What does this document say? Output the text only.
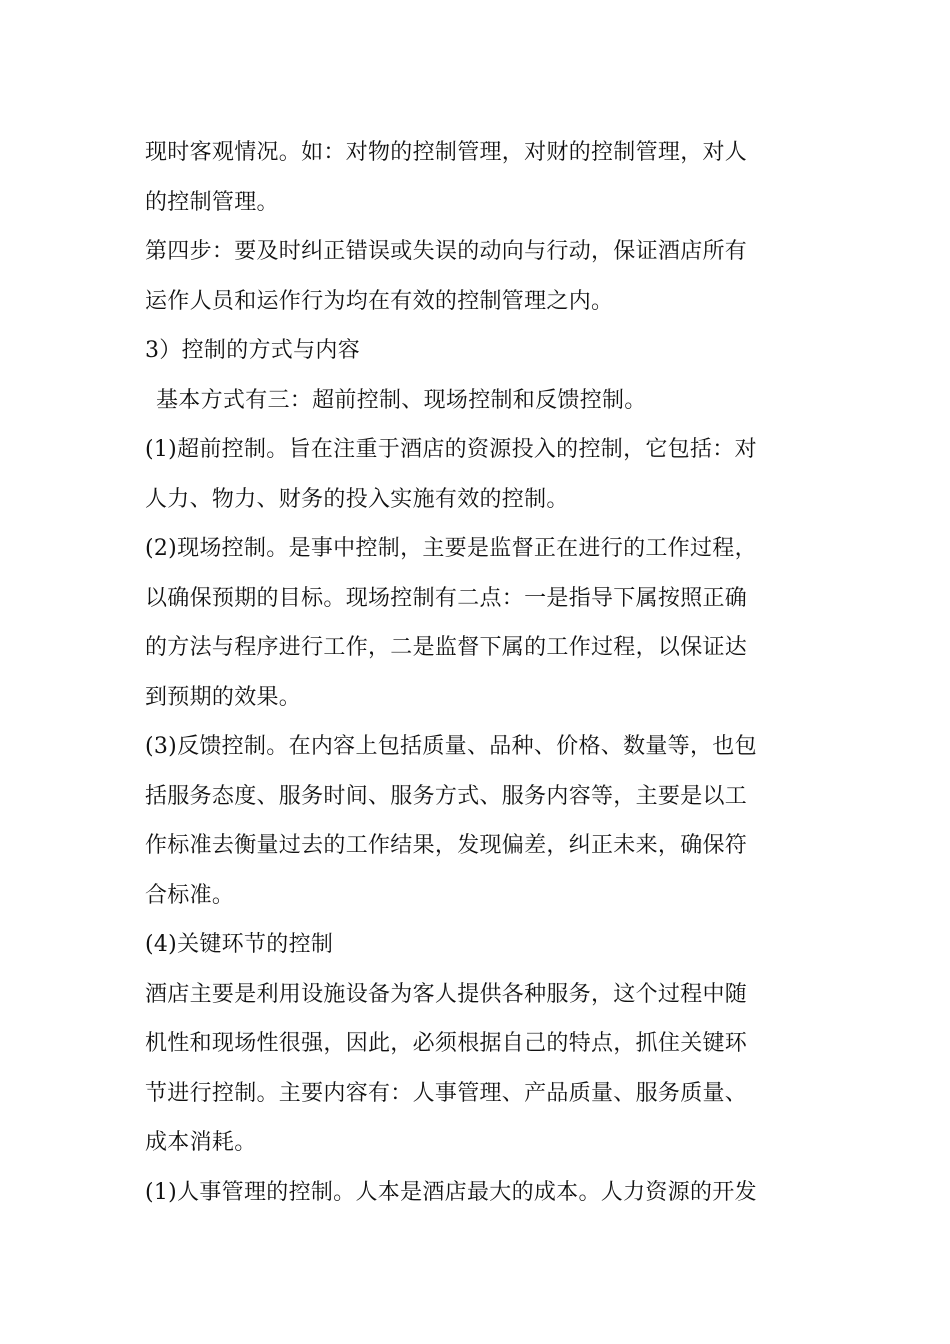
现时客观情况。如：对物的控制管理，对财的控制管理，对人
的控制管理。
第四步：要及时纠正错误或失误的动向与行动，保证酒店所有
运作人员和运作行为均在有效的控制管理之内。
3）控制的方式与内容
基本方式有三：超前控制、现场控制和反馈控制。
(1)超前控制。旨在注重于酒店的资源投入的控制，它包括：对
人力、物力、财务的投入实施有效的控制。
(2)现场控制。是事中控制，主要是监督正在进行的工作过程，
以确保预期的目标。现场控制有二点：一是指导下属按照正确
的方法与程序进行工作，二是监督下属的工作过程，以保证达
到预期的效果。
(3)反馈控制。在内容上包括质量、品种、价格、数量等，也包
括服务态度、服务时间、服务方式、服务内容等，主要是以工
作标准去衡量过去的工作结果，发现偏差，纠正未来，确保符
合标准。
(4)关键环节的控制
酒店主要是利用设施设备为客人提供各种服务，这个过程中随
机性和现场性很强，因此，必须根据自己的特点，抓住关键环
节进行控制。主要内容有：人事管理、产品质量、服务质量、
成本消耗。
(1)人事管理的控制。人本是酒店最大的成本。人力资源的开发
